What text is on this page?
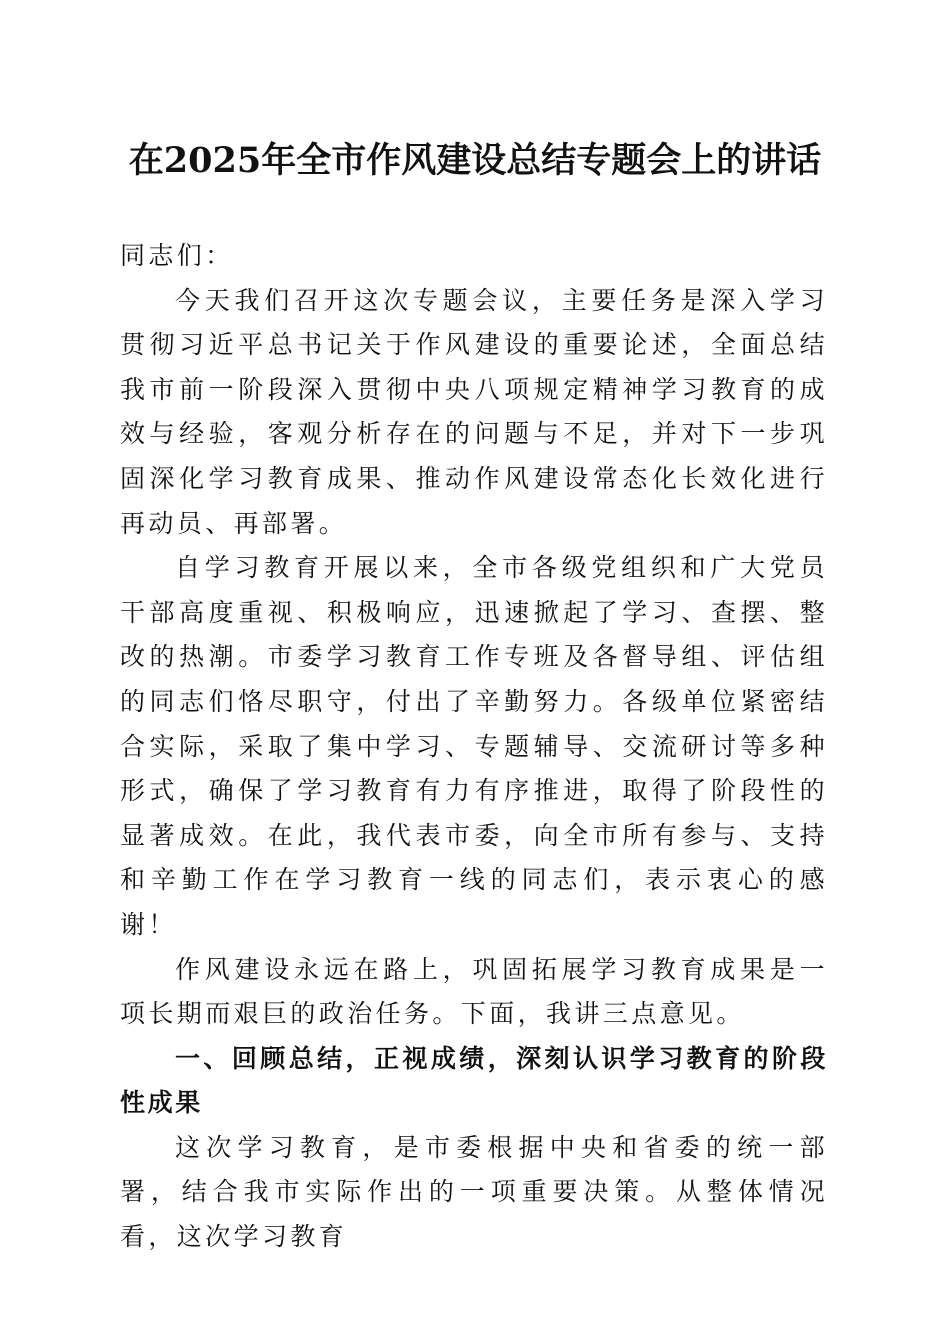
在2025年全市作风建设总结专题会上的讲话

同志们：

今天我们召开这次专题会议，主要任务是深入学习贯彻习近平总书记关于作风建设的重要论述，全面总结我市前一阶段深入贯彻中央八项规定精神学习教育的成效与经验，客观分析存在的问题与不足，并对下一步巩固深化学习教育成果、推动作风建设常态化长效化进行再动员、再部署。

自学习教育开展以来，全市各级党组织和广大党员干部高度重视、积极响应，迅速掀起了学习、查摆、整改的热潮。市委学习教育工作专班及各督导组、评估组的同志们恪尽职守，付出了辛勤努力。各级单位紧密结合实际，采取了集中学习、专题辅导、交流研讨等多种形式，确保了学习教育有力有序推进，取得了阶段性的显著成效。在此，我代表市委，向全市所有参与、支持和辛勤工作在学习教育一线的同志们，表示衷心的感谢！

作风建设永远在路上，巩固拓展学习教育成果是一项长期而艰巨的政治任务。下面，我讲三点意见。

一、回顾总结，正视成绩，深刻认识学习教育的阶段性成果

这次学习教育，是市委根据中央和省委的统一部署，结合我市实际作出的一项重要决策。从整体情况看，这次学习教育
